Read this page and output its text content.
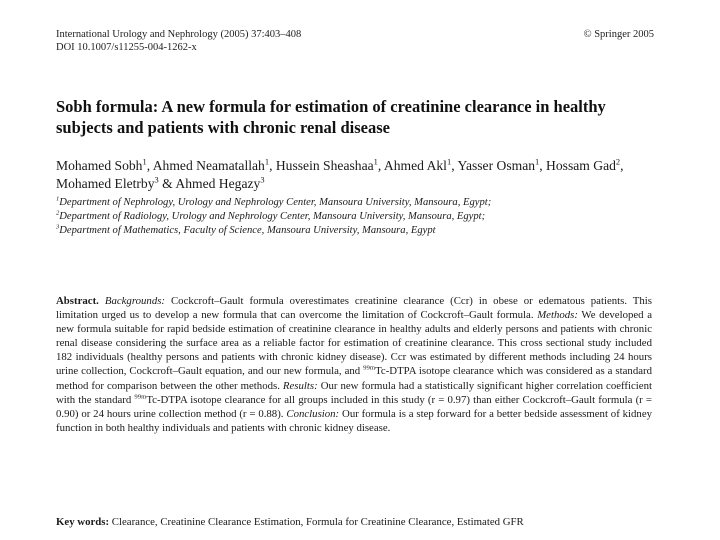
International Urology and Nephrology (2005) 37:403–408
DOI 10.1007/s11255-004-1262-x
© Springer 2005
Sobh formula: A new formula for estimation of creatinine clearance in healthy subjects and patients with chronic renal disease
Mohamed Sobh$^1$, Ahmed Neamatallah$^1$, Hussein Sheashaa$^1$, Ahmed Akl$^1$, Yasser Osman$^1$, Hossam Gad$^2$, Mohamed Eletrby$^3$ & Ahmed Hegazy$^3$
$^1$Department of Nephrology, Urology and Nephrology Center, Mansoura University, Mansoura, Egypt;
$^2$Department of Radiology, Urology and Nephrology Center, Mansoura University, Mansoura, Egypt;
$^3$Department of Mathematics, Faculty of Science, Mansoura University, Mansoura, Egypt
Abstract. Backgrounds: Cockcroft–Gault formula overestimates creatinine clearance (Ccr) in obese or edematous patients. This limitation urged us to develop a new formula that can overcome the limitation of Cockcroft–Gault formula. Methods: We developed a new formula suitable for rapid bedside estimation of creatinine clearance in healthy adults and elderly persons and patients with chronic renal disease considering the surface area as a reliable factor for estimation of creatinine clearance. This cross sectional study included 182 individuals (healthy persons and patients with chronic kidney disease). Ccr was estimated by different methods including 24 hours urine collection, Cockcroft–Gault equation, and our new formula, and $^{99m}$Tc-DTPA isotope clearance which was considered as a standard method for comparison between the other methods. Results: Our new formula had a statistically significant higher correlation coefficient with the standard $^{99m}$Tc-DTPA isotope clearance for all groups included in this study (r = 0.97) than either Cockcroft–Gault formula (r = 0.90) or 24 hours urine collection method (r = 0.88). Conclusion: Our formula is a step forward for a better bedside assessment of kidney function in both healthy individuals and patients with chronic kidney disease.
Key words: Clearance, Creatinine Clearance Estimation, Formula for Creatinine Clearance, Estimated GFR
